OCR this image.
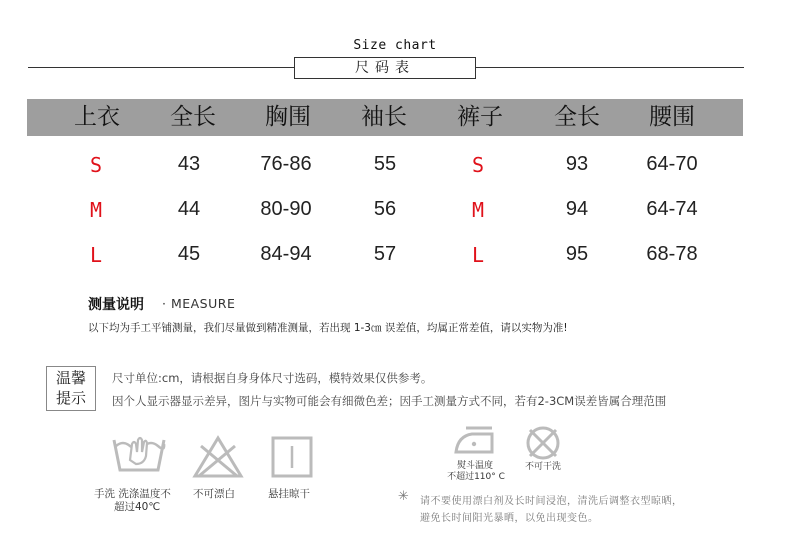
Size chart
尺码表
上衣	全长	胸围	袖长	裤子	全长	腰围
S	43	76-86	55	S	93	64-70
M	44	80-90	56	M	94	64-74
L	45	84-94	57	L	95	68-78
测量说明 · MEASURE
以下均为手工平铺测量，我们尽量做到精准测量，若出现 1-3㎝ 误差值，均属正常差值，请以实物为准!
温馨
提示
尺寸单位:cm，请根据自身身体尺寸选码，模特效果仅供参考。
因个人显示器显示差异，图片与实物可能会有细微色差；因手工测量方式不同，若有2-3CM误差皆属合理范围
手洗 洗涤温度不
超过40℃
不可漂白	悬挂晾干
熨斗温度
不超过110° C
不可干洗
✳ 请不要使用漂白剂及长时间浸泡，清洗后调整衣型晾晒，
避免长时间阳光暴晒，以免出现变色。
